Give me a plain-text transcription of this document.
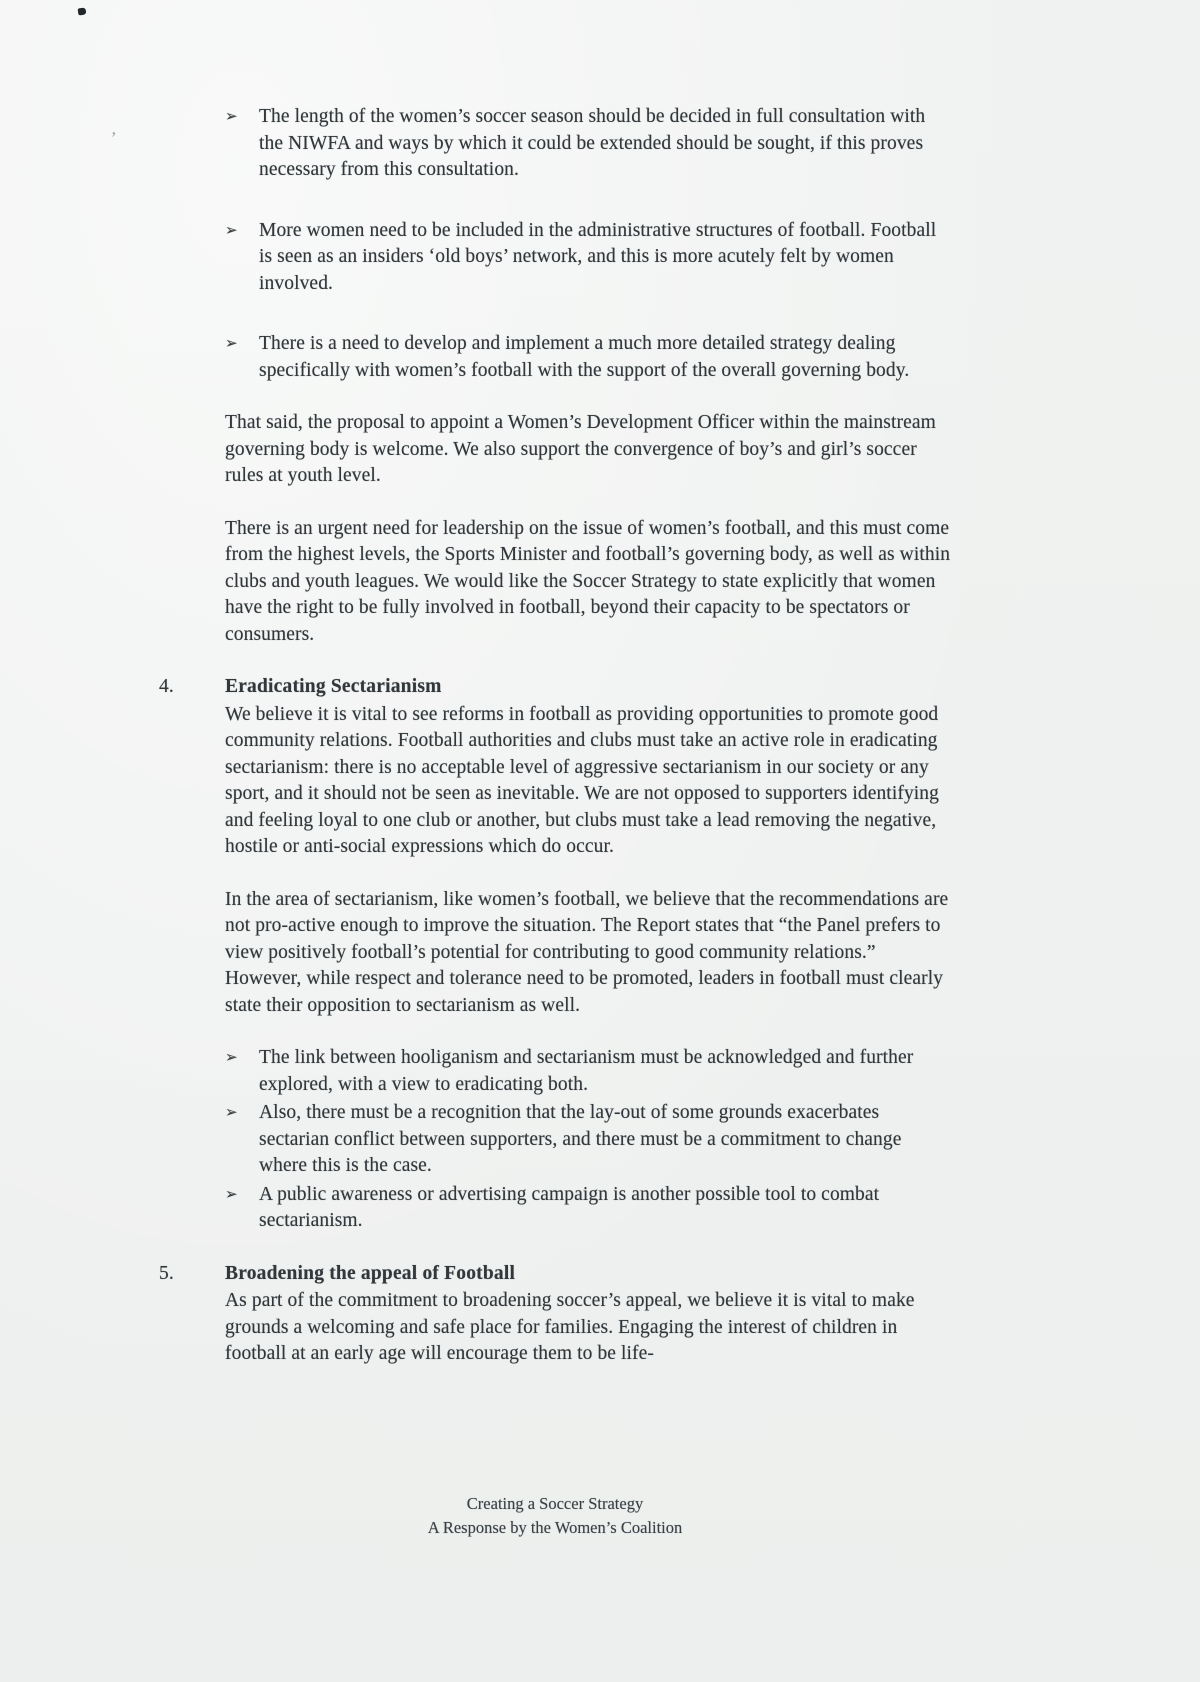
,
➢ The length of the women’s soccer season should be decided in full consultation with the NIWFA and ways by which it could be extended should be sought, if this proves necessary from this consultation.
➢ More women need to be included in the administrative structures of football. Football is seen as an insiders ‘old boys’ network, and this is more acutely felt by women involved.
➢ There is a need to develop and implement a much more detailed strategy dealing specifically with women’s football with the support of the overall governing body.

That said, the proposal to appoint a Women’s Development Officer within the mainstream governing body is welcome. We also support the convergence of boy’s and girl’s soccer rules at youth level.

There is an urgent need for leadership on the issue of women’s football, and this must come from the highest levels, the Sports Minister and football’s governing body, as well as within clubs and youth leagues. We would like the Soccer Strategy to state explicitly that women have the right to be fully involved in football, beyond their capacity to be spectators or consumers.

4.	Eradicating Sectarianism

We believe it is vital to see reforms in football as providing opportunities to promote good community relations. Football authorities and clubs must take an active role in eradicating sectarianism: there is no acceptable level of aggressive sectarianism in our society or any sport, and it should not be seen as inevitable. We are not opposed to supporters identifying and feeling loyal to one club or another, but clubs must take a lead removing the negative, hostile or anti-social expressions which do occur.

In the area of sectarianism, like women’s football, we believe that the recommendations are not pro-active enough to improve the situation. The Report states that “the Panel prefers to view positively football’s potential for contributing to good community relations.” However, while respect and tolerance need to be promoted, leaders in football must clearly state their opposition to sectarianism as well.

➢ The link between hooliganism and sectarianism must be acknowledged and further explored, with a view to eradicating both.
➢ Also, there must be a recognition that the lay-out of some grounds exacerbates sectarian conflict between supporters, and there must be a commitment to change where this is the case.
➢ A public awareness or advertising campaign is another possible tool to combat sectarianism.
5.	Broadening the appeal of Football

As part of the commitment to broadening soccer’s appeal, we believe it is vital to make grounds a welcoming and safe place for families. Engaging the interest of children in football at an early age will encourage them to be life-

Creating a Soccer Strategy
A Response by the Women’s Coalition
